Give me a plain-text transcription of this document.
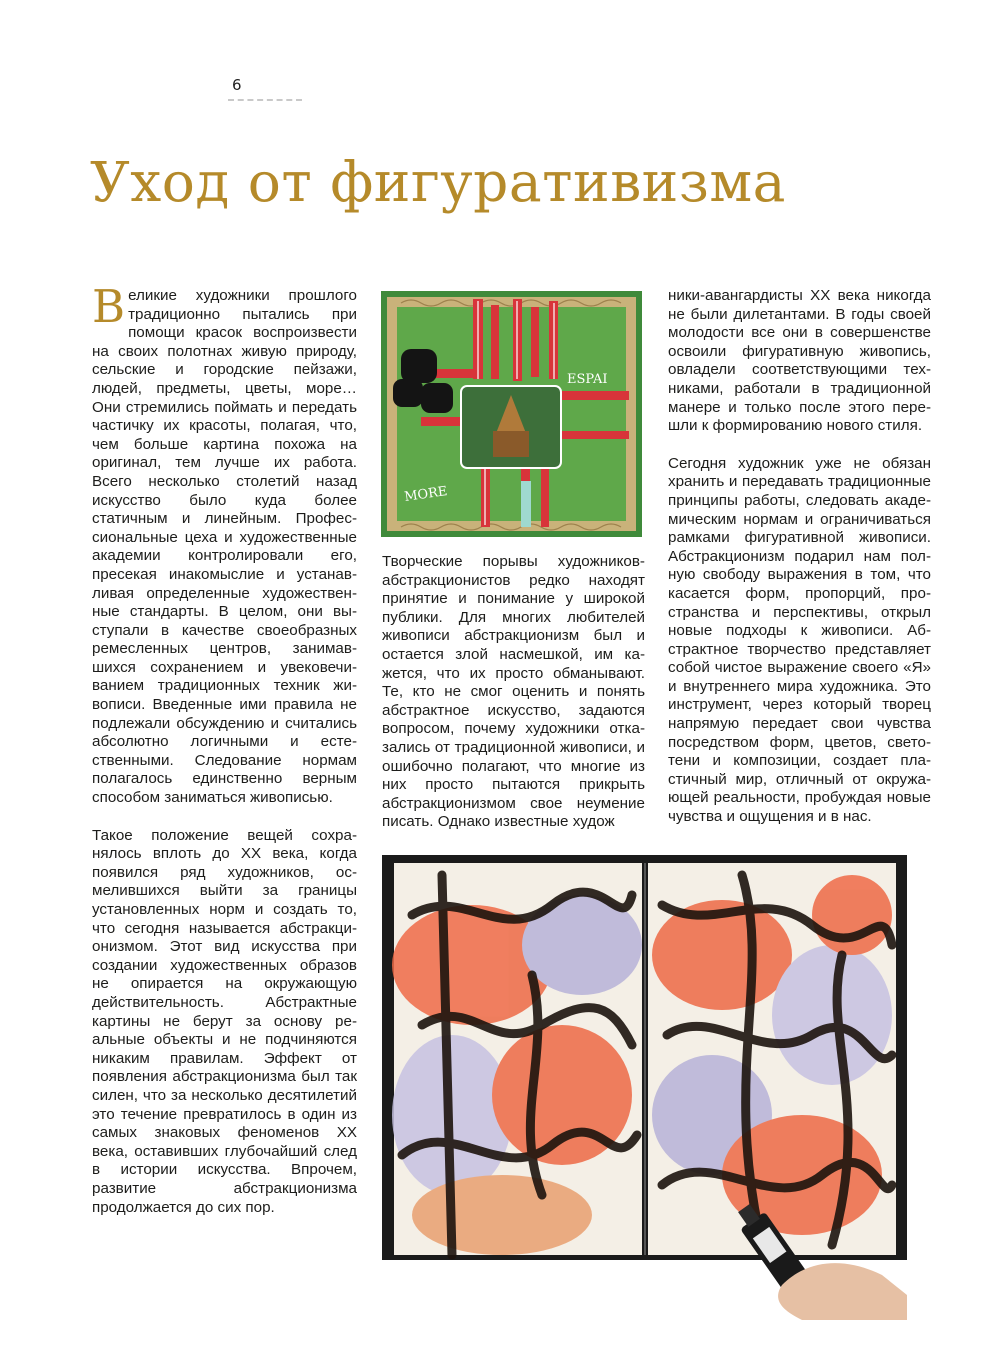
6
Уход от фигуративизма

Великие художники прошлого традиционно пытались при помощи красок воспроизвести на своих полотнах живую природу, сельские и городские пейзажи, людей, предметы, цветы, море… Они стремились поймать и передать частичку их красоты, полагая, что, чем больше картина похожа на оригинал, тем лучше их работа. Всего несколько столетий назад искусство было куда более статичным и линейным. Профессиональные цеха и художественные академии контролировали его, пресекая инакомыслие и устанавливая определенные художественные стандарты. В целом, они выступали в качестве своеобразных ремесленных центров, занимавшихся сохранением и увековечиванием традиционных техник живописи. Введенные ими правила не подлежали обсуждению и считались абсолютно логичными и естественными. Следование нормам полагалось единственно верным способом заниматься живописью.

Такое положение вещей сохранялось вплоть до XX века, когда появился ряд художников, осмелившихся выйти за границы установленных норм и создать то, что сегодня называется абстракционизмом. Этот вид искусства при создании художественных образов не опирается на окружающую действительность. Абстрактные картины не берут за основу реальные объекты и не подчиняются никаким правилам. Эффект от появления абстракционизма был так силен, что за несколько десятилетий это течение превратилось в один из самых знаковых феноменов XX века, оставивших глубочайший след в истории искусства. Впрочем, развитие абстракционизма продолжается до сих пор.

ESPAI
MORE

Творческие порывы художников-абстракционистов редко находят принятие и понимание у широкой публики. Для многих любителей живописи абстракционизм был и остается злой насмешкой, им кажется, что их просто обманывают. Те, кто не смог оценить и понять абстрактное искусство, задаются вопросом, почему художники отказались от традиционной живописи, и ошибочно полагают, что многие из них просто пытаются прикрыть абстракционизмом свое неумение писать. Однако известные худож

ники-авангардисты XX века никогда не были дилетантами. В годы своей молодости все они в совершенстве освоили фигуративную живопись, овладели соответствующими техниками, работали в традиционной манере и только после этого перешли к формированию нового стиля.

Сегодня художник уже не обязан хранить и передавать традиционные принципы работы, следовать академическим нормам и ограничиваться рамками фигуративной живописи. Абстракционизм подарил нам полную свободу выражения в том, что касается форм, пропорций, пространства и перспективы, открыл новые подходы к живописи. Абстрактное творчество представляет собой чистое выражение своего «Я» и внутреннего мира художника. Это инструмент, через который творец напрямую передает свои чувства посредством форм, цветов, светотени и композиции, создает пластичный мир, отличный от окружающей реальности, пробуждая новые чувства и ощущения и в нас.
